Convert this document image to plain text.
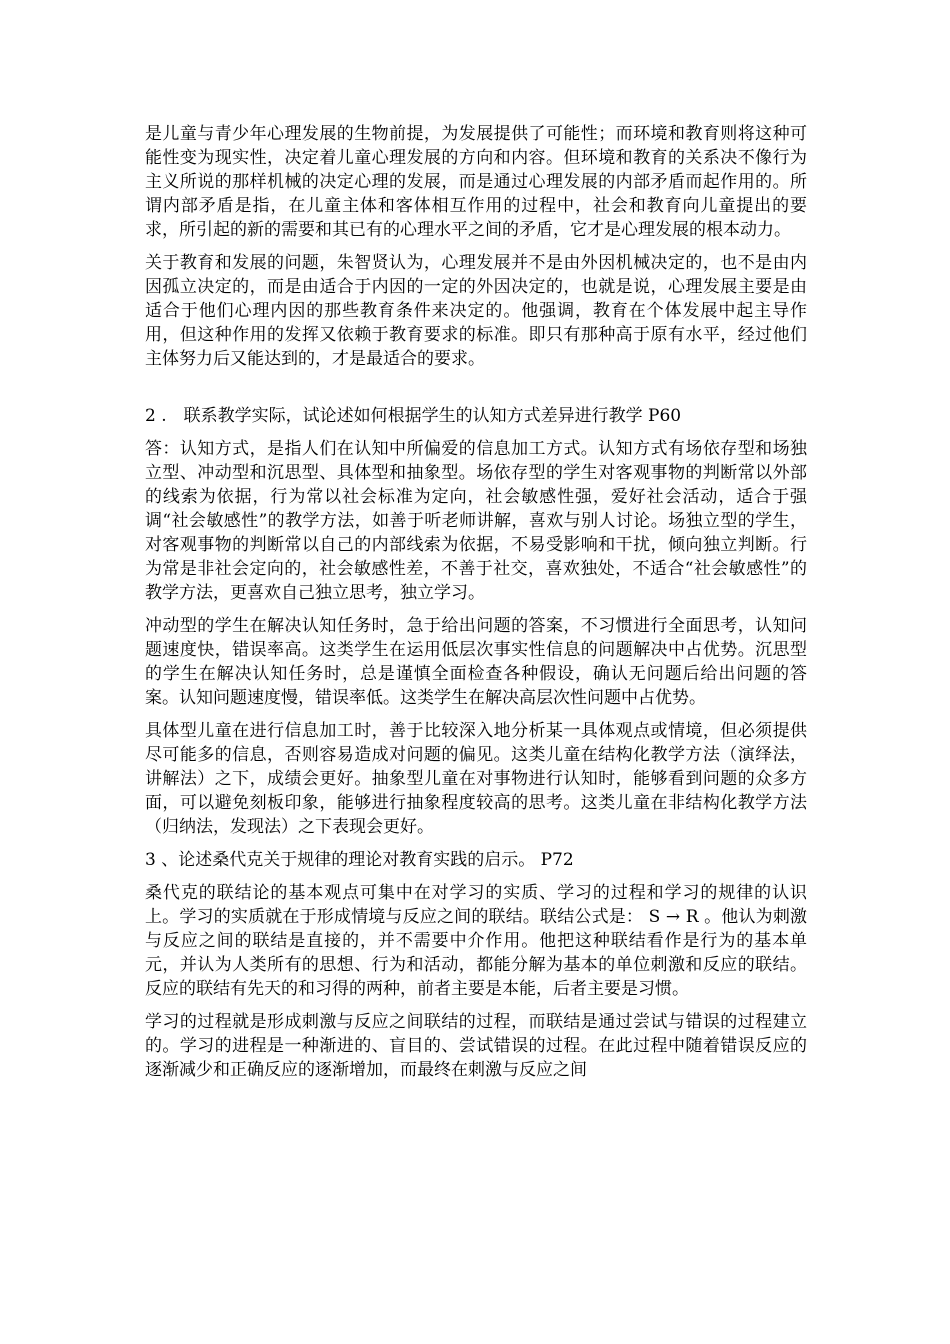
是儿童与青少年心理发展的生物前提，为发展提供了可能性；而环境和教育则将这种可能性变为现实性，决定着儿童心理发展的方向和内容。但环境和教育的关系决不像行为主义所说的那样机械的决定心理的发展，而是通过心理发展的内部矛盾而起作用的。所谓内部矛盾是指，在儿童主体和客体相互作用的过程中，社会和教育向儿童提出的要求，所引起的新的需要和其已有的心理水平之间的矛盾，它才是心理发展的根本动力。

关于教育和发展的问题，朱智贤认为，心理发展并不是由外因机械决定的，也不是由内因孤立决定的，而是由适合于内因的一定的外因决定的，也就是说，心理发展主要是由适合于他们心理内因的那些教育条件来决定的。他强调，教育在个体发展中起主导作用，但这种作用的发挥又依赖于教育要求的标准。即只有那种高于原有水平，经过他们主体努力后又能达到的，才是最适合的要求。

2 .　联系教学实际，试论述如何根据学生的认知方式差异进行教学 P60

答：认知方式，是指人们在认知中所偏爱的信息加工方式。认知方式有场依存型和场独立型、冲动型和沉思型、具体型和抽象型。场依存型的学生对客观事物的判断常以外部的线索为依据，行为常以社会标准为定向，社会敏感性强，爱好社会活动，适合于强调“社会敏感性”的教学方法，如善于听老师讲解，喜欢与别人讨论。场独立型的学生，对客观事物的判断常以自己的内部线索为依据，不易受影响和干扰，倾向独立判断。行为常是非社会定向的，社会敏感性差，不善于社交，喜欢独处，不适合“社会敏感性”的教学方法，更喜欢自己独立思考，独立学习。

冲动型的学生在解决认知任务时，急于给出问题的答案，不习惯进行全面思考，认知问题速度快，错误率高。这类学生在运用低层次事实性信息的问题解决中占优势。沉思型的学生在解决认知任务时，总是谨慎全面检查各种假设，确认无问题后给出问题的答案。认知问题速度慢，错误率低。这类学生在解决高层次性问题中占优势。

具体型儿童在进行信息加工时，善于比较深入地分析某一具体观点或情境，但必须提供尽可能多的信息，否则容易造成对问题的偏见。这类儿童在结构化教学方法（演绎法，讲解法）之下，成绩会更好。抽象型儿童在对事物进行认知时，能够看到问题的众多方面，可以避免刻板印象，能够进行抽象程度较高的思考。这类儿童在非结构化教学方法（归纳法，发现法）之下表现会更好。

3 、论述桑代克关于规律的理论对教育实践的启示。 P72

桑代克的联结论的基本观点可集中在对学习的实质、学习的过程和学习的规律的认识上。学习的实质就在于形成情境与反应之间的联结。联结公式是： S → R 。他认为刺激与反应之间的联结是直接的，并不需要中介作用。他把这种联结看作是行为的基本单元，并认为人类所有的思想、行为和活动，都能分解为基本的单位刺激和反应的联结。反应的联结有先天的和习得的两种，前者主要是本能，后者主要是习惯。

学习的过程就是形成刺激与反应之间联结的过程，而联结是通过尝试与错误的过程建立的。学习的进程是一种渐进的、盲目的、尝试错误的过程。在此过程中随着错误反应的逐渐减少和正确反应的逐渐增加，而最终在刺激与反应之间
